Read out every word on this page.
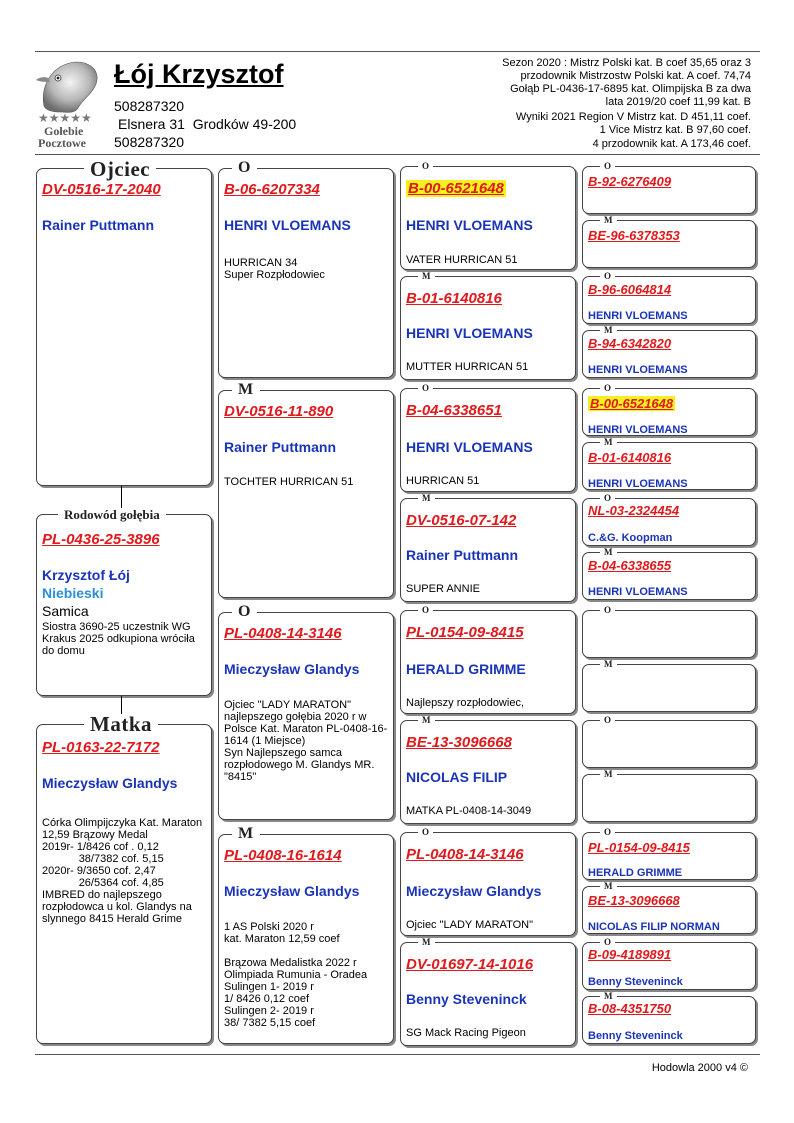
★★★★★
Gołebie
Pocztowe
Łój Krzysztof
508287320
Elsnera 31  Grodków 49-200
508287320
Sezon 2020 : Mistrz Polski kat. B coef 35,65 oraz 3
przodownik Mistrzostw Polski kat. A coef. 74,74
Gołąb PL-0436-17-6895 kat. Olimpijska B za dwa
lata 2019/20 coef 11,99 kat. B
Wyniki 2021 Region V Mistrz kat. D 451,11 coef.
1 Vice Mistrz kat. B 97,60 coef.
4 przodownik kat. A 173,46 coef.
Ojciec
DV-0516-17-2040
Rainer Puttmann
Rodowód gołębia
PL-0436-25-3896
Krzysztof Łój
Niebieski
Samica
Siostra 3690-25 uczestnik WG Krakus 2025 odkupiona wróciła do domu
Matka
PL-0163-22-7172
Mieczysław Glandys
Córka Olimpijczyka Kat. Maraton 12,59 Brązowy Medal
2019r- 1/8426 cof . 0,12
38/7382 cof. 5,15
2020r- 9/3650 cof. 2,47
26/5364 cof. 4,85
IMBRED do najlepszego rozpłodowca u kol. Glandys na slynnego 8415 Herald Grime
O
B-06-6207334
HENRI VLOEMANS
HURRICAN 34
Super Rozpłodowiec
M
DV-0516-11-890
Rainer Puttmann
TOCHTER HURRICAN 51
O
PL-0408-14-3146
Mieczysław Glandys
Ojciec "LADY MARATON" najlepszego gołębia 2020 r w Polsce Kat. Maraton PL-0408-16-1614 (1 Miejsce)
Syn Najlepszego samca rozpłodowego M. Glandys MR. "8415"
M
PL-0408-16-1614
Mieczysław Glandys
1 AS Polski 2020 r
kat. Maraton 12,59 coef

Brązowa Medalistka 2022 r
Olimpiada Rumunia - Oradea
Sulingen 1- 2019 r
1/ 8426 0,12 coef
Sulingen 2- 2019 r
38/ 7382 5,15 coef
O
B-00-6521648
HENRI VLOEMANS
VATER HURRICAN 51
M
B-01-6140816
HENRI VLOEMANS
MUTTER HURRICAN 51
O
B-04-6338651
HENRI VLOEMANS
HURRICAN 51
M
DV-0516-07-142
Rainer Puttmann
SUPER ANNIE
O
PL-0154-09-8415
HERALD GRIMME
Najlepszy rozpłodowiec,
M
BE-13-3096668
NICOLAS FILIP
MATKA PL-0408-14-3049
O
PL-0408-14-3146
Mieczysław Glandys
Ojciec "LADY MARATON"
M
DV-01697-14-1016
Benny Steveninck
SG Mack Racing Pigeon
O
B-92-6276409
M
BE-96-6378353
O
B-96-6064814
HENRI VLOEMANS
M
B-94-6342820
HENRI VLOEMANS
O
B-00-6521648
HENRI VLOEMANS
M
B-01-6140816
HENRI VLOEMANS
O
NL-03-2324454
C.&G. Koopman
M
B-04-6338655
HENRI VLOEMANS
O
M
O
M
O
PL-0154-09-8415
HERALD GRIMME
M
BE-13-3096668
NICOLAS FILIP NORMAN
O
B-09-4189891
Benny Steveninck
M
B-08-4351750
Benny Steveninck
Hodowla 2000 v4 ©
